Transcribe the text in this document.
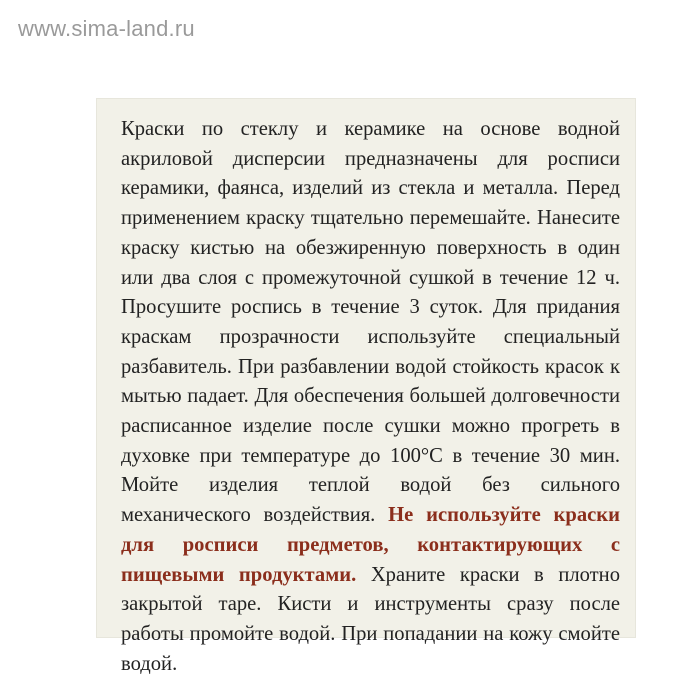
www.sima-land.ru

Краски по стеклу и керамике на основе водной акриловой дисперсии предназначены для росписи керамики, фаянса, изделий из стекла и металла. Перед применением краску тщательно перемешайте. Нанесите краску кистью на обезжиренную поверхность в один или два слоя с промежуточной сушкой в течение 12 ч. Просушите роспись в течение 3 суток. Для придания краскам прозрачности используйте специальный разбавитель. При разбавлении водой стойкость красок к мытью падает. Для обеспечения большей долговечности расписанное изделие после сушки можно прогреть в духовке при температуре до 100°С в течение 30 мин. Мойте изделия теплой водой без сильного механического воздействия. Не используйте краски для росписи предметов, контактирующих с пищевыми продуктами. Храните краски в плотно закрытой таре. Кисти и инструменты сразу после работы промойте водой. При попадании на кожу смойте водой.
